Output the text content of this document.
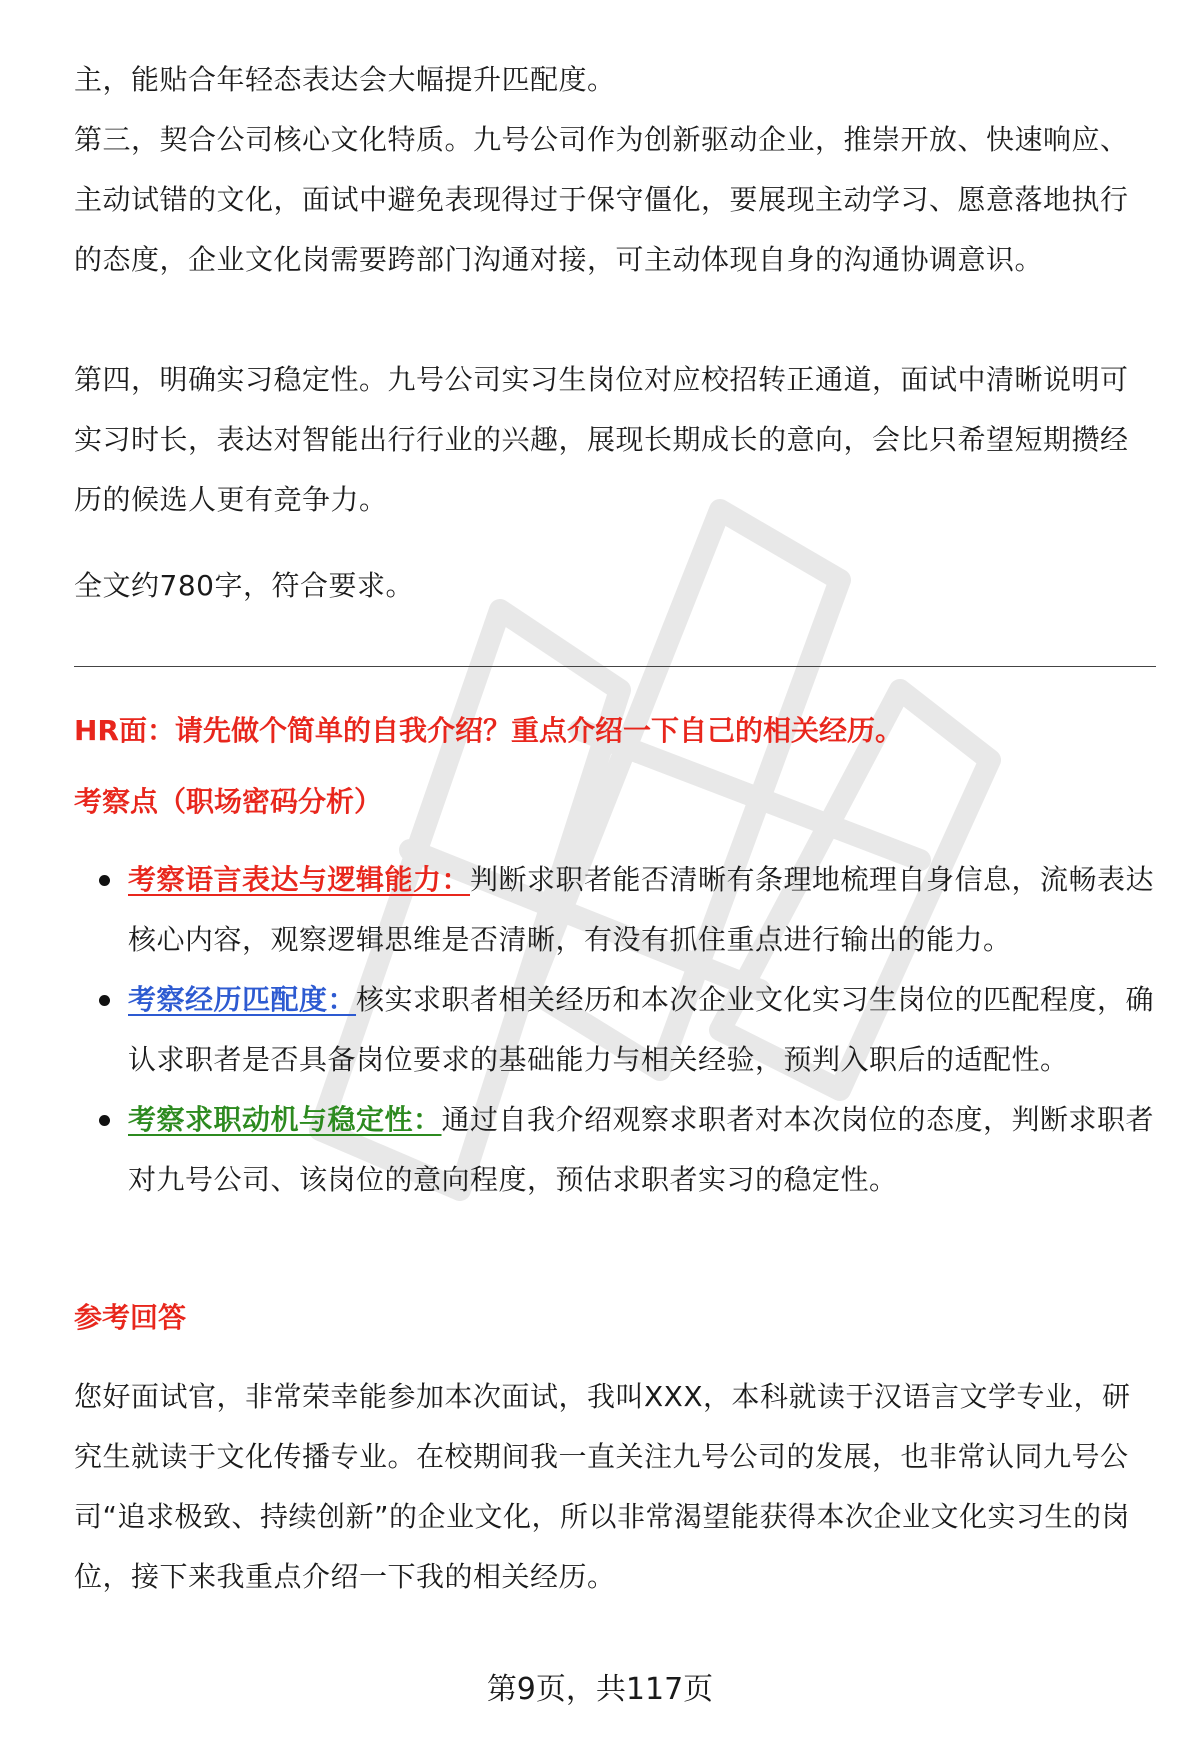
主，能贴合年轻态表达会大幅提升匹配度。

第三，契合公司核心文化特质。九号公司作为创新驱动企业，推崇开放、快速响应、主动试错的文化，面试中避免表现得过于保守僵化，要展现主动学习、愿意落地执行的态度，企业文化岗需要跨部门沟通对接，可主动体现自身的沟通协调意识。

第四，明确实习稳定性。九号公司实习生岗位对应校招转正通道，面试中清晰说明可实习时长，表达对智能出行行业的兴趣，展现长期成长的意向，会比只希望短期攒经历的候选人更有竞争力。

全文约780字，符合要求。

HR面：请先做个简单的自我介绍？重点介绍一下自己的相关经历。
考察点（职场密码分析）
考察语言表达与逻辑能力：判断求职者能否清晰有条理地梳理自身信息，流畅表达核心内容，观察逻辑思维是否清晰，有没有抓住重点进行输出的能力。
考察经历匹配度：核实求职者相关经历和本次企业文化实习生岗位的匹配程度，确认求职者是否具备岗位要求的基础能力与相关经验，预判入职后的适配性。
考察求职动机与稳定性：通过自我介绍观察求职者对本次岗位的态度，判断求职者对九号公司、该岗位的意向程度，预估求职者实习的稳定性。
参考回答

您好面试官，非常荣幸能参加本次面试，我叫XXX，本科就读于汉语言文学专业，研究生就读于文化传播专业。在校期间我一直关注九号公司的发展，也非常认同九号公司“追求极致、持续创新”的企业文化，所以非常渴望能获得本次企业文化实习生的岗位，接下来我重点介绍一下我的相关经历。

第9页，共117页
